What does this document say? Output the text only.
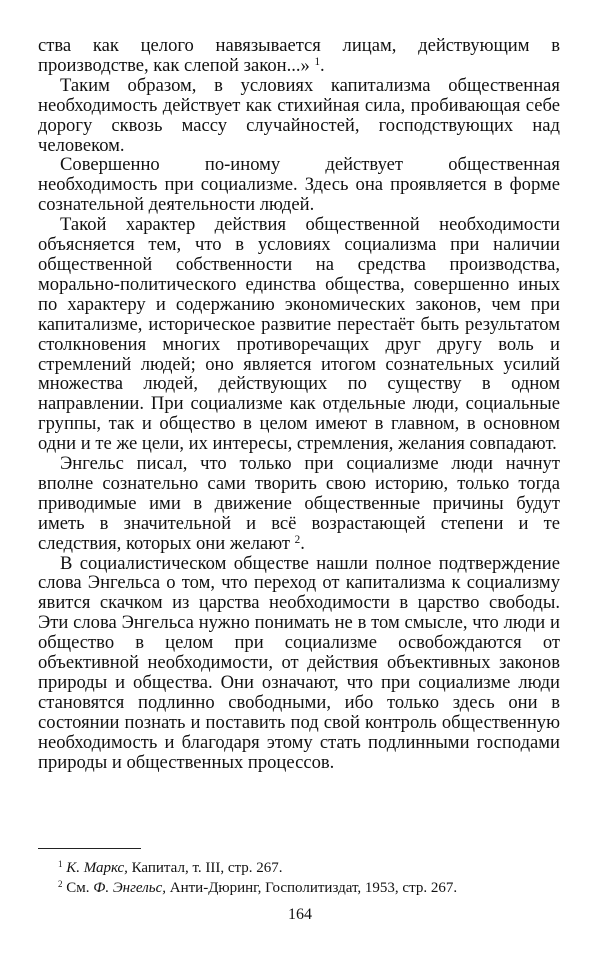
ства как целого навязывается лицам, действующим в производстве, как слепой закон...» $^1$.

Таким образом, в условиях капитализма общественная необходимость действует как стихийная сила, пробивающая себе дорогу сквозь массу случайностей, господствующих над человеком.

Совершенно по-иному действует общественная необходимость при социализме. Здесь она проявляется в форме сознательной деятельности людей.

Такой характер действия общественной необходимости объясняется тем, что в условиях социализма при наличии общественной собственности на средства производства, морально-политического единства общества, совершенно иных по характеру и содержанию экономических законов, чем при капитализме, историческое развитие перестаёт быть результатом столкновения многих противоречащих друг другу воль и стремлений людей; оно является итогом сознательных усилий множества людей, действующих по существу в одном направлении. При социализме как отдельные люди, социальные группы, так и общество в целом имеют в главном, в основном одни и те же цели, их интересы, стремления, желания совпадают.

Энгельс писал, что только при социализме люди начнут вполне сознательно сами творить свою историю, только тогда приводимые ими в движение общественные причины будут иметь в значительной и всё возрастающей степени и те следствия, которых они желают $^2$.

В социалистическом обществе нашли полное подтверждение слова Энгельса о том, что переход от капитализма к социализму явится скачком из царства необходимости в царство свободы. Эти слова Энгельса нужно понимать не в том смысле, что люди и общество в целом при социализме освобождаются от объективной необходимости, от действия объективных законов природы и общества. Они означают, что при социализме люди становятся подлинно свободными, ибо только здесь они в состоянии познать и поставить под свой контроль общественную необходимость и благодаря этому стать подлинными господами природы и общественных процессов.

$^1$ К. Маркс, Капитал, т. III, стр. 267.

$^2$ См. Ф. Энгельс, Анти-Дюринг, Госполитиздат, 1953, стр. 267.

164
